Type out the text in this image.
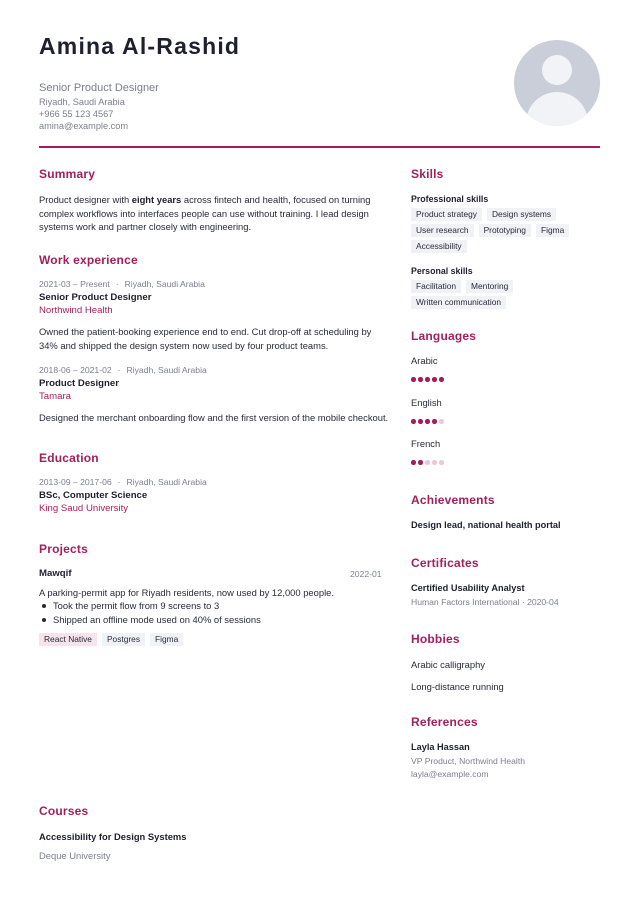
Amina Al-Rashid
Senior Product Designer
Riyadh, Saudi Arabia
+966 55 123 4567
amina@example.com
Summary
Product designer with eight years across fintech and health, focused on turning
complex workflows into interfaces people can use without training. I lead design
systems work and partner closely with engineering.
Work experience
2021-03 – Present · Riyadh, Saudi Arabia
Senior Product Designer
Northwind Health
Owned the patient-booking experience end to end. Cut drop-off at scheduling by
34% and shipped the design system now used by four product teams.
2018-06 – 2021-02 · Riyadh, Saudi Arabia
Product Designer
Tamara
Designed the merchant onboarding flow and the first version of the mobile checkout.
Education
2013-09 – 2017-06 · Riyadh, Saudi Arabia
BSc, Computer Science
King Saud University
Projects
Mawqif	2022-01
A parking-permit app for Riyadh residents, now used by 12,000 people.
Took the permit flow from 9 screens to 3
Shipped an offline mode used on 40% of sessions
React Native	Postgres	Figma
Courses
Accessibility for Design Systems
Deque University
Skills
Professional skills
Product strategy	Design systems
User research	Prototyping	Figma
Accessibility
Personal skills
Facilitation	Mentoring
Written communication
Languages
Arabic
English
French
Achievements
Design lead, national health portal
Certificates
Certified Usability Analyst
Human Factors International · 2020-04
Hobbies
Arabic calligraphy
Long-distance running
References
Layla Hassan
VP Product, Northwind Health
layla@example.com
